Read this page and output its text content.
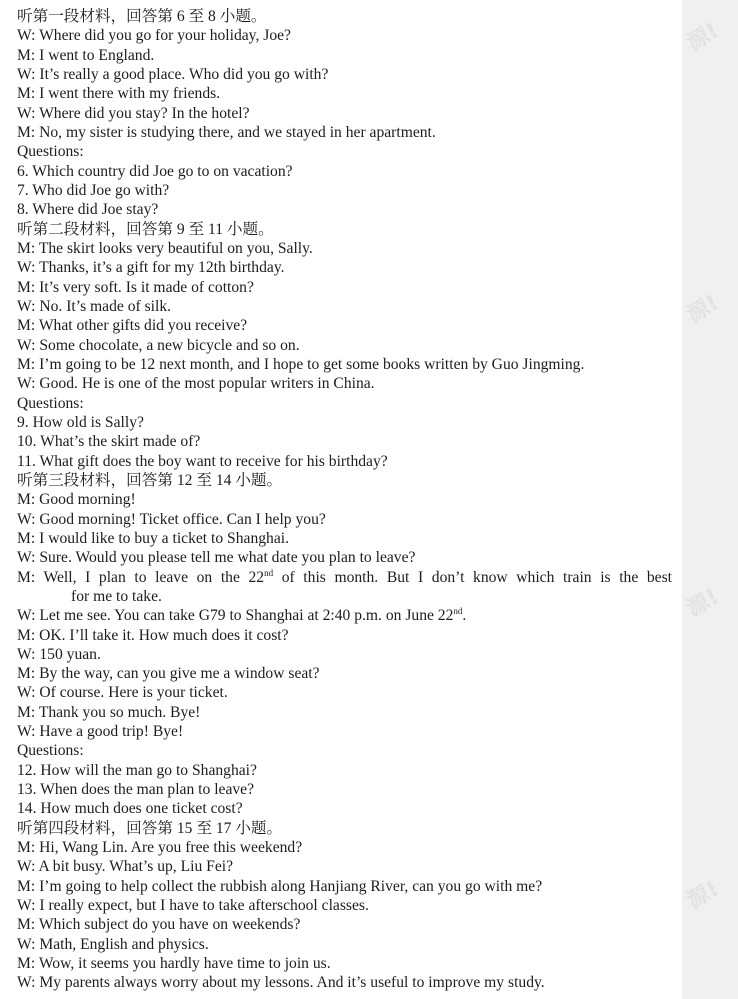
源!
源!
源!
源!
听第一段材料，回答第 6 至 8 小题。
W: Where did you go for your holiday, Joe?
M: I went to England.
W: It’s really a good place. Who did you go with?
M: I went there with my friends.
W: Where did you stay? In the hotel?
M: No, my sister is studying there, and we stayed in her apartment.
Questions:
6. Which country did Joe go to on vacation?
7. Who did Joe go with?
8. Where did Joe stay?
听第二段材料，回答第 9 至 11 小题。
M: The skirt looks very beautiful on you, Sally.
W: Thanks, it’s a gift for my 12th birthday.
M: It’s very soft. Is it made of cotton?
W: No. It’s made of silk.
M: What other gifts did you receive?
W: Some chocolate, a new bicycle and so on.
M: I’m going to be 12 next month, and I hope to get some books written by Guo Jingming.
W: Good. He is one of the most popular writers in China.
Questions:
9. How old is Sally?
10. What’s the skirt made of?
11. What gift does the boy want to receive for his birthday?
听第三段材料，回答第 12 至 14 小题。
M: Good morning!
W: Good morning! Ticket office. Can I help you?
M: I would like to buy a ticket to Shanghai.
W: Sure. Would you please tell me what date you plan to leave?
M: Well, I plan to leave on the 22nd of this month. But I don’t know which train is the best
for me to take.
W: Let me see. You can take G79 to Shanghai at 2:40 p.m. on June 22nd.
M: OK. I’ll take it. How much does it cost?
W: 150 yuan.
M: By the way, can you give me a window seat?
W: Of course. Here is your ticket.
M: Thank you so much. Bye!
W: Have a good trip! Bye!
Questions:
12. How will the man go to Shanghai?
13. When does the man plan to leave?
14. How much does one ticket cost?
听第四段材料，回答第 15 至 17 小题。
M: Hi, Wang Lin. Are you free this weekend?
W: A bit busy. What’s up, Liu Fei?
M: I’m going to help collect the rubbish along Hanjiang River, can you go with me?
W: I really expect, but I have to take afterschool classes.
M: Which subject do you have on weekends?
W: Math, English and physics.
M: Wow, it seems you hardly have time to join us.
W: My parents always worry about my lessons. And it’s useful to improve my study.
